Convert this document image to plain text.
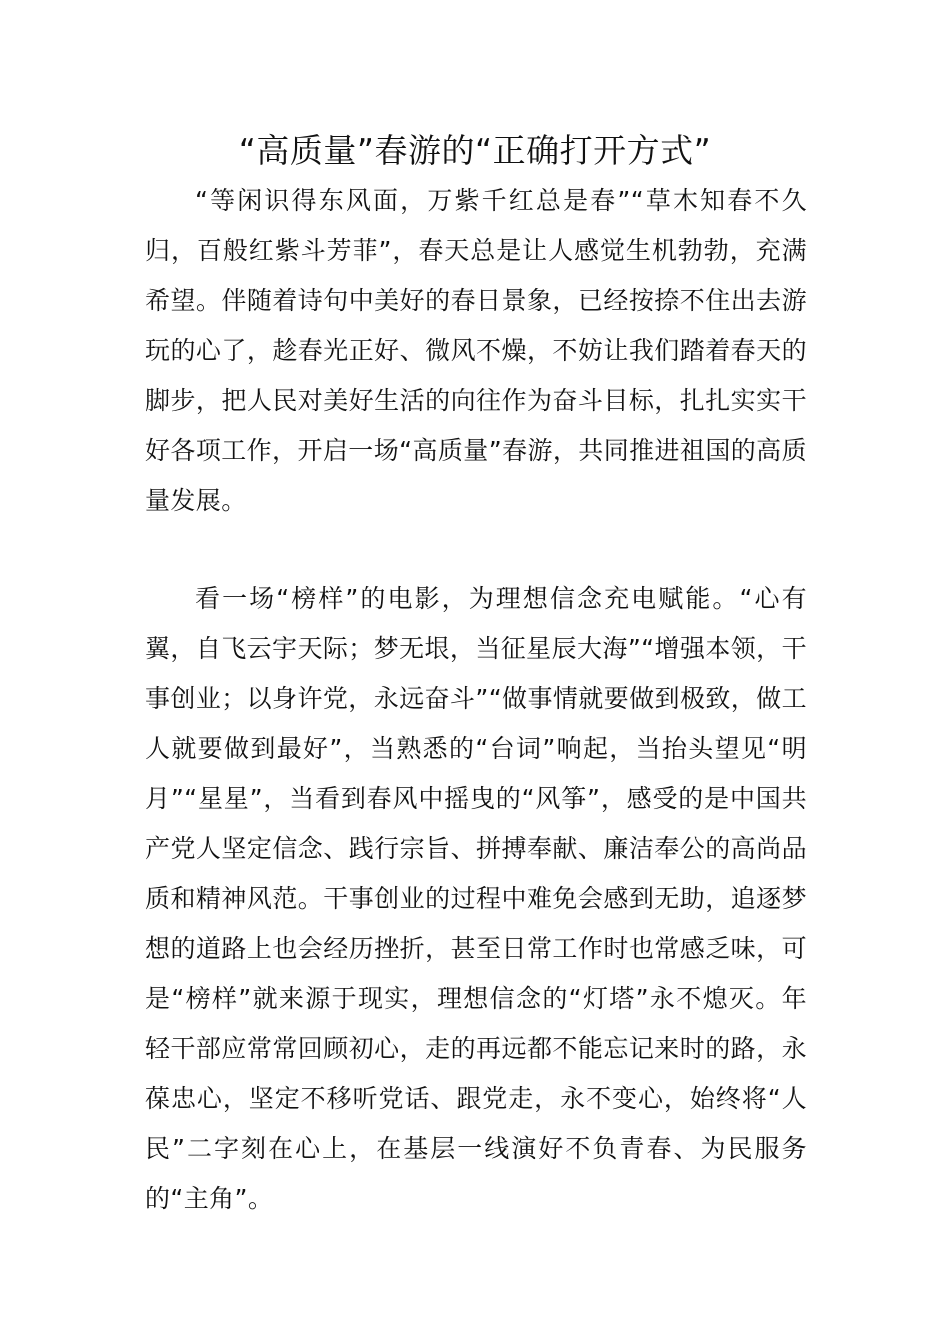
“高质量”春游的“正确打开方式”

“等闲识得东风面，万紫千红总是春”“草木知春不久归，百般红紫斗芳菲”，春天总是让人感觉生机勃勃，充满希望。伴随着诗句中美好的春日景象，已经按捺不住出去游玩的心了，趁春光正好、微风不燥，不妨让我们踏着春天的脚步，把人民对美好生活的向往作为奋斗目标，扎扎实实干好各项工作，开启一场“高质量”春游，共同推进祖国的高质量发展。

看一场“榜样”的电影，为理想信念充电赋能。“心有翼，自飞云宇天际；梦无垠，当征星辰大海”“增强本领，干事创业；以身许党，永远奋斗”“做事情就要做到极致，做工人就要做到最好”，当熟悉的“台词”响起，当抬头望见“明月”“星星”，当看到春风中摇曳的“风筝”，感受的是中国共产党人坚定信念、践行宗旨、拼搏奉献、廉洁奉公的高尚品质和精神风范。干事创业的过程中难免会感到无助，追逐梦想的道路上也会经历挫折，甚至日常工作时也常感乏味，可是“榜样”就来源于现实，理想信念的“灯塔”永不熄灭。年轻干部应常常回顾初心，走的再远都不能忘记来时的路，永葆忠心，坚定不移听党话、跟党走，永不变心，始终将“人民”二字刻在心上，在基层一线演好不负青春、为民服务的“主角”。
